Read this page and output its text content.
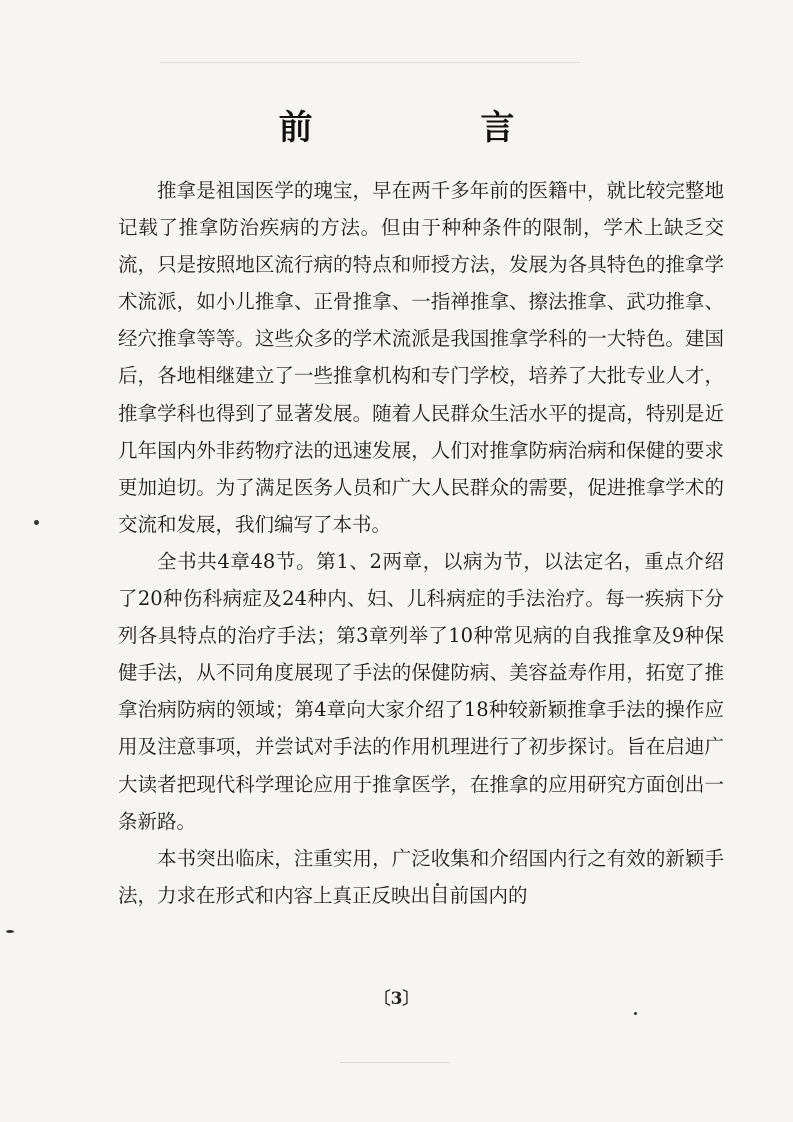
前 言

推拿是祖国医学的瑰宝，早在两千多年前的医籍中，就比较完整地记载了推拿防治疾病的方法。但由于种种条件的限制，学术上缺乏交流，只是按照地区流行病的特点和师授方法，发展为各具特色的推拿学术流派，如小儿推拿、正骨推拿、一指禅推拿、擦法推拿、武功推拿、经穴推拿等等。这些众多的学术流派是我国推拿学科的一大特色。建国后，各地相继建立了一些推拿机构和专门学校，培养了大批专业人才，推拿学科也得到了显著发展。随着人民群众生活水平的提高，特别是近几年国内外非药物疗法的迅速发展，人们对推拿防病治病和保健的要求更加迫切。为了满足医务人员和广大人民群众的需要，促进推拿学术的交流和发展，我们编写了本书。

全书共4章48节。第1、2两章，以病为节，以法定名，重点介绍了20种伤科病症及24种内、妇、儿科病症的手法治疗。每一疾病下分列各具特点的治疗手法；第3章列举了10种常见病的自我推拿及9种保健手法，从不同角度展现了手法的保健防病、美容益寿作用，拓宽了推拿治病防病的领域；第4章向大家介绍了18种较新颖推拿手法的操作应用及注意事项，并尝试对手法的作用机理进行了初步探讨。旨在启迪广大读者把现代科学理论应用于推拿医学，在推拿的应用研究方面创出一条新路。

本书突出临床，注重实用，广泛收集和介绍国内行之有效的新颖手法，力求在形式和内容上真正反映出目前国内的

〔3〕
